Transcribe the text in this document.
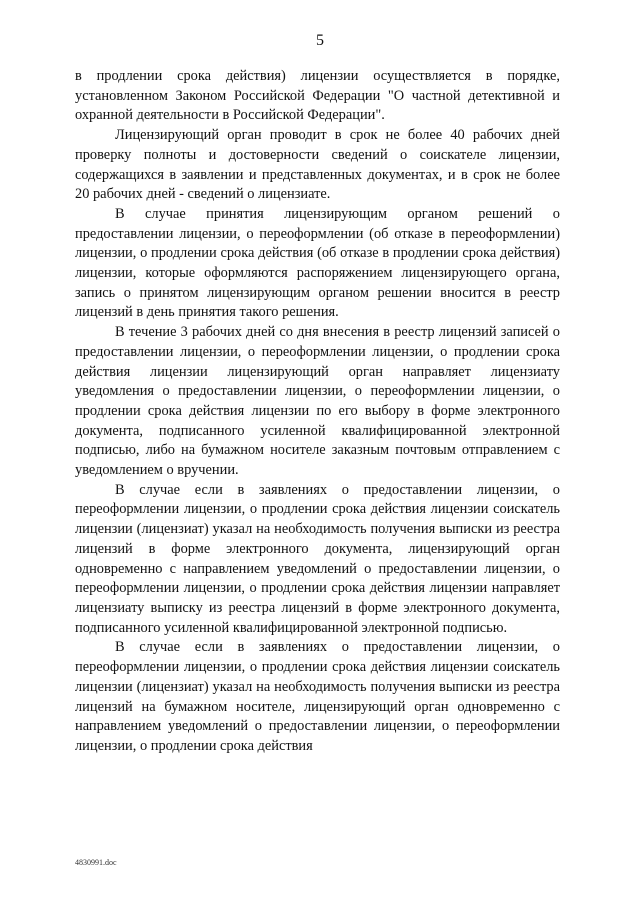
5

в продлении срока действия) лицензии осуществляется в порядке, установленном Законом Российской Федерации "О частной детективной и охранной деятельности в Российской Федерации".

Лицензирующий орган проводит в срок не более 40 рабочих дней проверку полноты и достоверности сведений о соискателе лицензии, содержащихся в заявлении и представленных документах, и в срок не более 20 рабочих дней - сведений о лицензиате.

В случае принятия лицензирующим органом решений о предоставлении лицензии, о переоформлении (об отказе в переоформлении) лицензии, о продлении срока действия (об отказе в продлении срока действия) лицензии, которые оформляются распоряжением лицензирующего органа, запись о принятом лицензирующим органом решении вносится в реестр лицензий в день принятия такого решения.

В течение 3 рабочих дней со дня внесения в реестр лицензий записей о предоставлении лицензии, о переоформлении лицензии, о продлении срока действия лицензии лицензирующий орган направляет лицензиату уведомления о предоставлении лицензии, о переоформлении лицензии, о продлении срока действия лицензии по его выбору в форме электронного документа, подписанного усиленной квалифицированной электронной подписью, либо на бумажном носителе заказным почтовым отправлением с уведомлением о вручении.

В случае если в заявлениях о предоставлении лицензии, о переоформлении лицензии, о продлении срока действия лицензии соискатель лицензии (лицензиат) указал на необходимость получения выписки из реестра лицензий в форме электронного документа, лицензирующий орган одновременно с направлением уведомлений о предоставлении лицензии, о переоформлении лицензии, о продлении срока действия лицензии направляет лицензиату выписку из реестра лицензий в форме электронного документа, подписанного усиленной квалифицированной электронной подписью.

В случае если в заявлениях о предоставлении лицензии, о переоформлении лицензии, о продлении срока действия лицензии соискатель лицензии (лицензиат) указал на необходимость получения выписки из реестра лицензий на бумажном носителе, лицензирующий орган одновременно с направлением уведомлений о предоставлении лицензии, о переоформлении лицензии, о продлении срока действия

4830991.doc
